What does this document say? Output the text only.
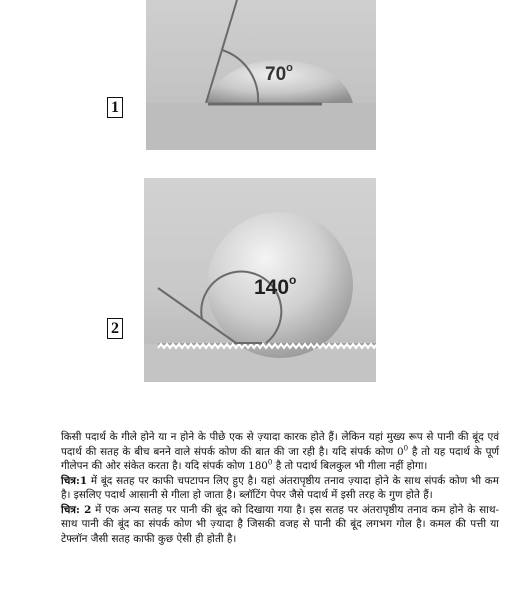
70$^o$
1
140$^o$
2

किसी पदार्थ के गीले होने या न होने के पीछे एक से ज़्यादा कारक होते हैं। लेकिन यहां मुख्य रूप से पानी की बूंद एवं पदार्थ की सतह के बीच बनने वाले संपर्क कोण की बात की जा रही है। यदि संपर्क कोण $0^0$ है तो यह पदार्थ के पूर्ण गीलेपन की ओर संकेत करता है। यदि संपर्क कोण $180^0$ है तो पदार्थ बिलकुल भी गीला नहीं होगा।

चित्र:1 में बूंद सतह पर काफी चपटापन लिए हुए है। यहां अंतरापृष्ठीय तनाव ज़्यादा होने के साथ संपर्क कोण भी कम है। इसलिए पदार्थ आसानी से गीला हो जाता है। ब्लॉटिंग पेपर जैसे पदार्थ में इसी तरह के गुण होते हैं।

चित्र: 2 में एक अन्य सतह पर पानी की बूंद को दिखाया गया है। इस सतह पर अंतरापृष्ठीय तनाव कम होने के साथ-साथ पानी की बूंद का संपर्क कोण भी ज़्यादा है जिसकी वजह से पानी की बूंद लगभग गोल है। कमल की पत्ती या टेफ्लॉन जैसी सतह काफी कुछ ऐसी ही होती है।
